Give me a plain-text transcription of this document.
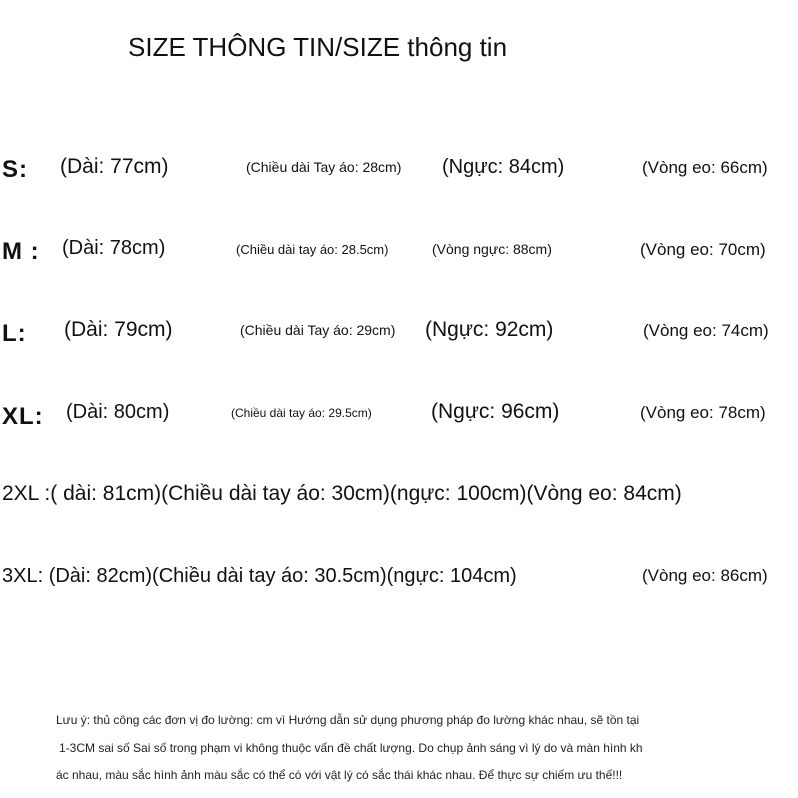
SIZE THÔNG TIN/SIZE thông tin
S: (Dài: 77cm)	(Chiều dài Tay áo: 28cm) (Ngực: 84cm)	(Vòng eo: 66cm)
M : (Dài: 78cm)	(Chiều dài tay áo: 28.5cm)	(Vòng ngực: 88cm)	(Vòng eo: 70cm)
L: (Dài: 79cm)	(Chiều dài Tay áo: 29cm) (Ngực: 92cm)	(Vòng eo: 74cm)
XL: (Dài: 80cm)	(Chiều dài tay áo: 29.5cm)	(Ngực: 96cm)	(Vòng eo: 78cm)
2XL :( dài: 81cm)(Chiều dài tay áo: 30cm)(ngực: 100cm)(Vòng eo: 84cm)
3XL: (Dài: 82cm)(Chiều dài tay áo: 30.5cm)(ngực: 104cm)	(Vòng eo: 86cm)
Lưu ý: thủ công các đơn vị đo lường: cm vì Hướng dẫn sử dụng phương pháp đo lường khác nhau, sẽ tồn tại
1-3CM sai số Sai số trong phạm vi không thuộc vấn đề chất lượng. Do chụp ảnh sáng vì lý do và màn hình kh
ác nhau, màu sắc hình ảnh màu sắc có thể có với vật lý có sắc thái khác nhau. Để thực sự chiếm ưu thế!!!
